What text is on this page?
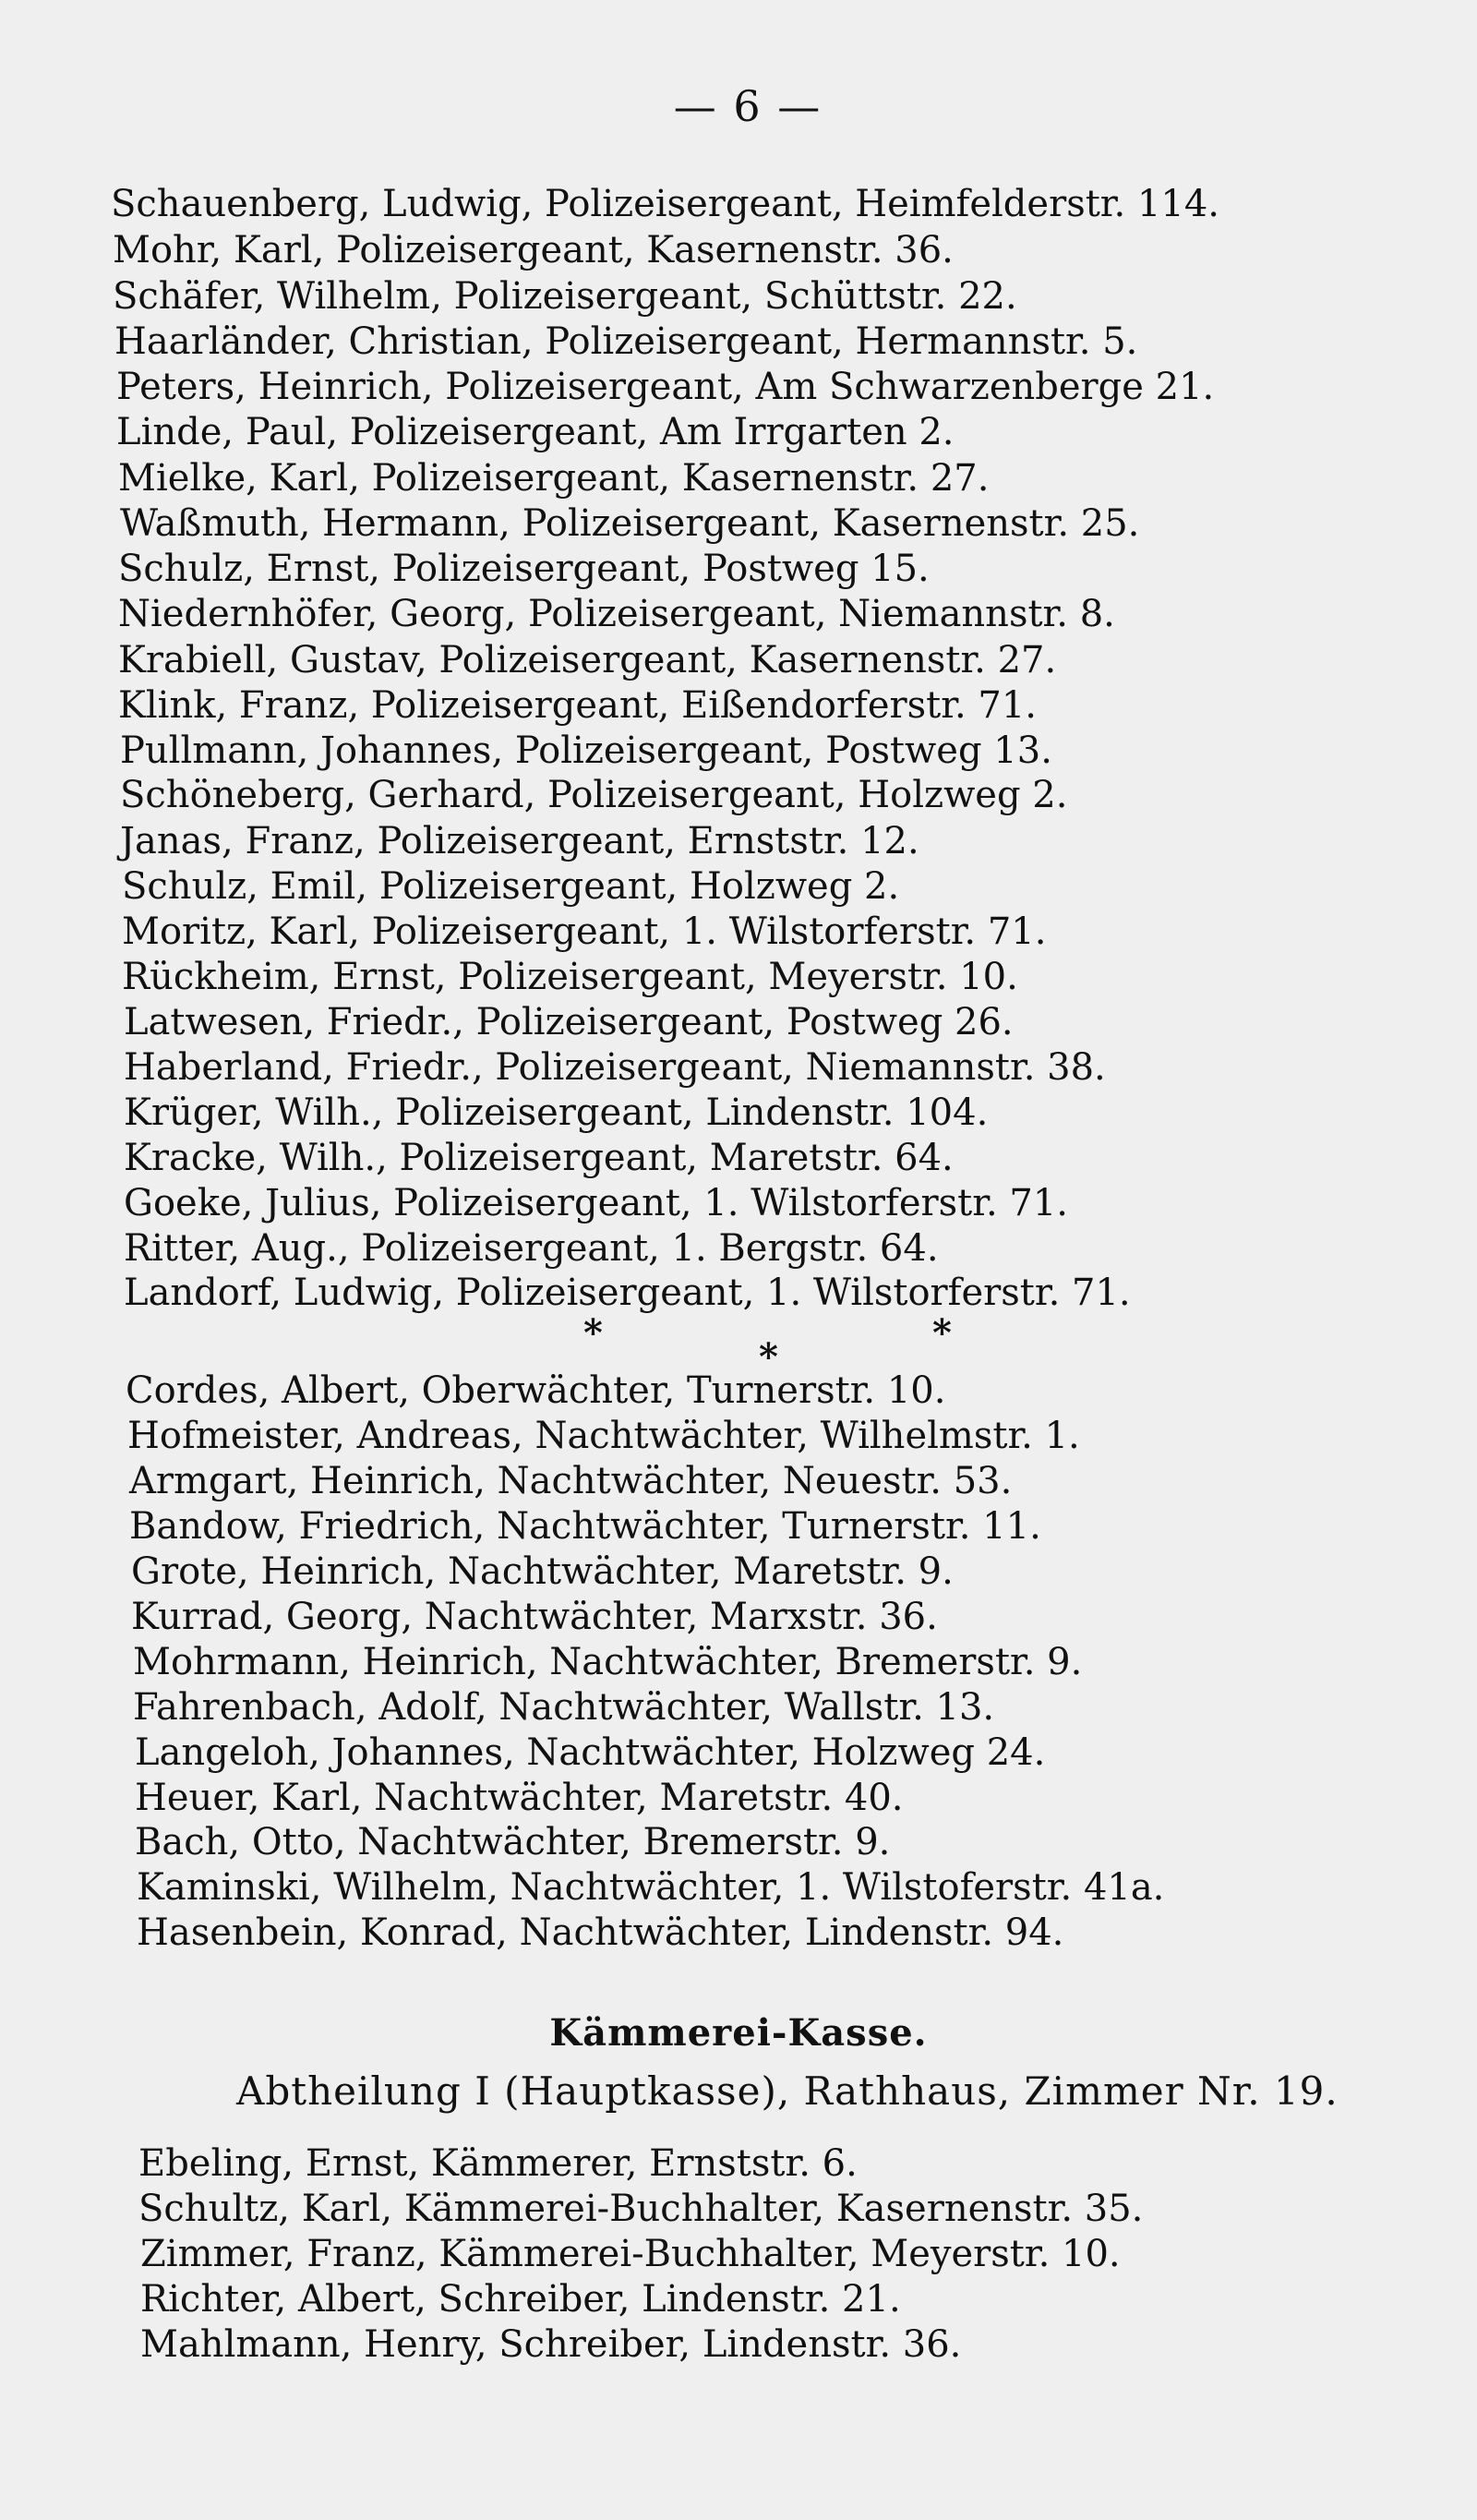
— 6 —
Schauenberg, Ludwig, Polizeisergeant, Heimfelderstr. 114.
Mohr, Karl, Polizeisergeant, Kasernenstr. 36.
Schäfer, Wilhelm, Polizeisergeant, Schüttstr. 22.
Haarländer, Christian, Polizeisergeant, Hermannstr. 5.
Peters, Heinrich, Polizeisergeant, Am Schwarzenberge 21.
Linde, Paul, Polizeisergeant, Am Irrgarten 2.
Mielke, Karl, Polizeisergeant, Kasernenstr. 27.
Waßmuth, Hermann, Polizeisergeant, Kasernenstr. 25.
Schulz, Ernst, Polizeisergeant, Postweg 15.
Niedernhöfer, Georg, Polizeisergeant, Niemannstr. 8.
Krabiell, Gustav, Polizeisergeant, Kasernenstr. 27.
Klink, Franz, Polizeisergeant, Eißendorferstr. 71.
Pullmann, Johannes, Polizeisergeant, Postweg 13.
Schöneberg, Gerhard, Polizeisergeant, Holzweg 2.
Janas, Franz, Polizeisergeant, Ernststr. 12.
Schulz, Emil, Polizeisergeant, Holzweg 2.
Moritz, Karl, Polizeisergeant, 1. Wilstorferstr. 71.
Rückheim, Ernst, Polizeisergeant, Meyerstr. 10.
Latwesen, Friedr., Polizeisergeant, Postweg 26.
Haberland, Friedr., Polizeisergeant, Niemannstr. 38.
Krüger, Wilh., Polizeisergeant, Lindenstr. 104.
Kracke, Wilh., Polizeisergeant, Maretstr. 64.
Goeke, Julius, Polizeisergeant, 1. Wilstorferstr. 71.
Ritter, Aug., Polizeisergeant, 1. Bergstr. 64.
Landorf, Ludwig, Polizeisergeant, 1. Wilstorferstr. 71.
*
*
*
Cordes, Albert, Oberwächter, Turnerstr. 10.
Hofmeister, Andreas, Nachtwächter, Wilhelmstr. 1.
Armgart, Heinrich, Nachtwächter, Neuestr. 53.
Bandow, Friedrich, Nachtwächter, Turnerstr. 11.
Grote, Heinrich, Nachtwächter, Maretstr. 9.
Kurrad, Georg, Nachtwächter, Marxstr. 36.
Mohrmann, Heinrich, Nachtwächter, Bremerstr. 9.
Fahrenbach, Adolf, Nachtwächter, Wallstr. 13.
Langeloh, Johannes, Nachtwächter, Holzweg 24.
Heuer, Karl, Nachtwächter, Maretstr. 40.
Bach, Otto, Nachtwächter, Bremerstr. 9.
Kaminski, Wilhelm, Nachtwächter, 1. Wilstoferstr. 41a.
Hasenbein, Konrad, Nachtwächter, Lindenstr. 94.
Kämmerei-Kasse.
Abtheilung I (Hauptkasse), Rathhaus, Zimmer Nr. 19.
Ebeling, Ernst, Kämmerer, Ernststr. 6.
Schultz, Karl, Kämmerei-Buchhalter, Kasernenstr. 35.
Zimmer, Franz, Kämmerei-Buchhalter, Meyerstr. 10.
Richter, Albert, Schreiber, Lindenstr. 21.
Mahlmann, Henry, Schreiber, Lindenstr. 36.
